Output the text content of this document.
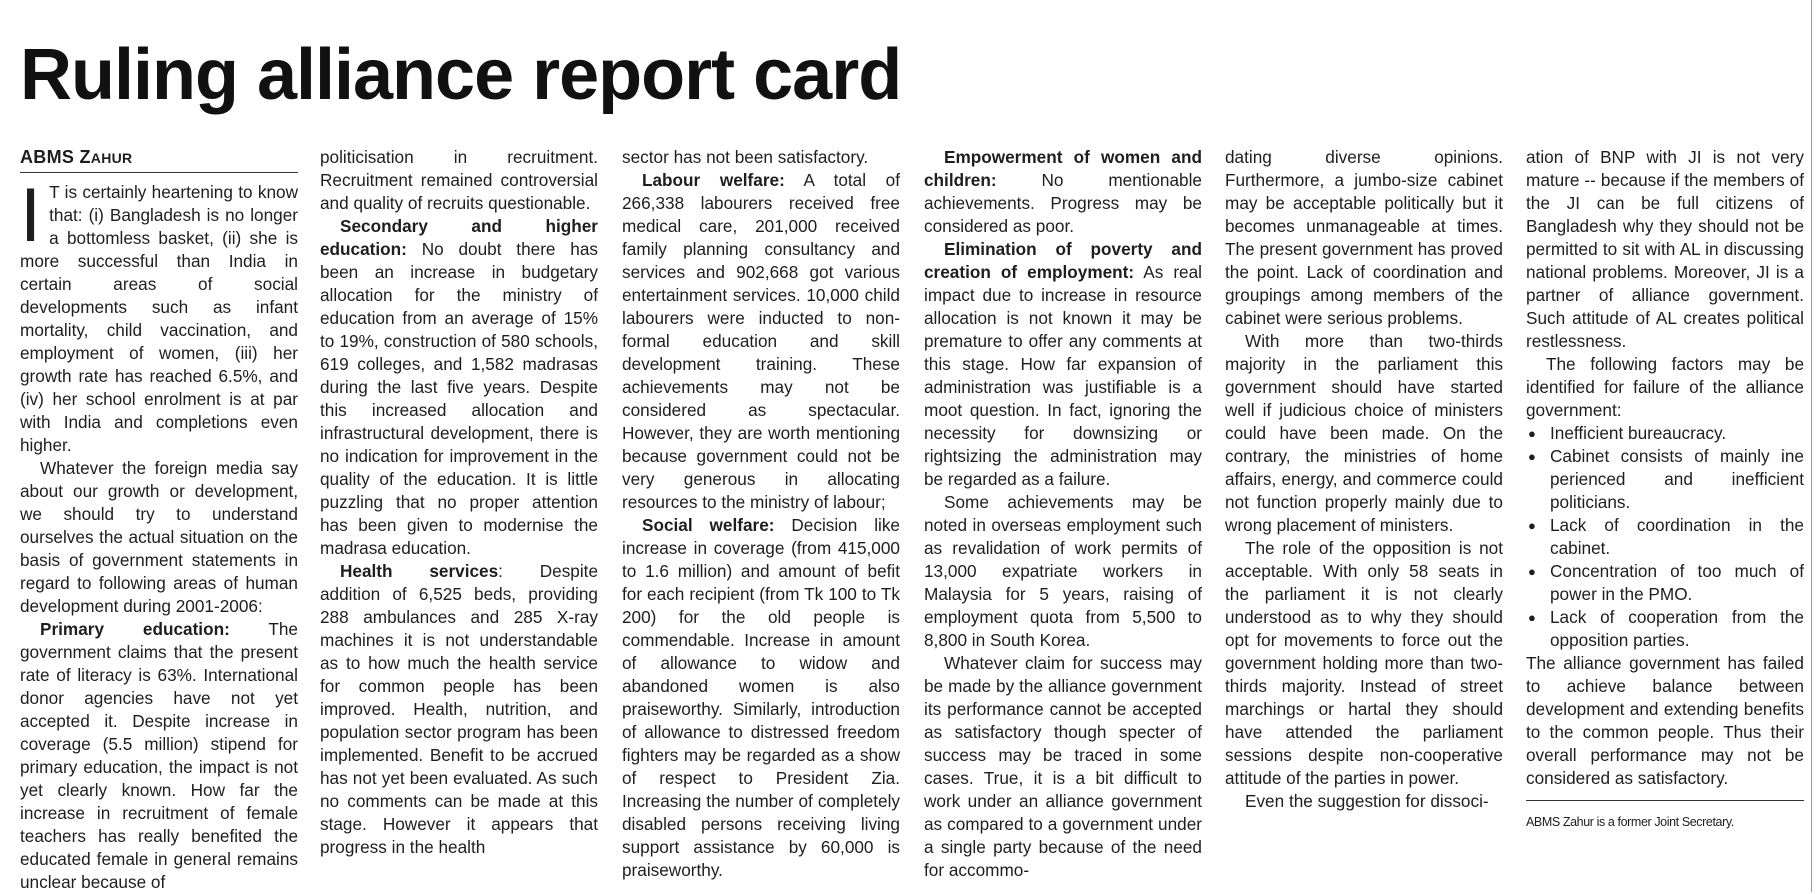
Ruling alliance report card
ABMS ZAHUR

I T is certainly heartening to know that: (i) Bangladesh is no longer a bottomless basket, (ii) she is more successful than India in certain areas of social developments such as infant mortality, child vaccination, and employment of women, (iii) her growth rate has reached 6.5%, and (iv) her school enrolment is at par with India and completions even higher.

Whatever the foreign media say about our growth or development, we should try to understand ourselves the actual situation on the basis of government statements in regard to following areas of human development during 2001-2006:

Primary education: The government claims that the present rate of literacy is 63%. International donor agencies have not yet accepted it. Despite increase in coverage (5.5 million) stipend for primary education, the impact is not yet clearly known. How far the increase in recruitment of female teachers has really benefited the educated female in general remains unclear because of

politicisation in recruitment. Recruitment remained controversial and quality of recruits questionable.

Secondary and higher education: No doubt there has been an increase in budgetary allocation for the ministry of education from an average of 15% to 19%, construction of 580 schools, 619 colleges, and 1,582 madrasas during the last five years. Despite this increased allocation and infrastructural development, there is no indication for improvement in the quality of the education. It is little puzzling that no proper attention has been given to modernise the madrasa education.

Health services: Despite addition of 6,525 beds, providing 288 ambulances and 285 X-ray machines it is not understandable as to how much the health service for common people has been improved. Health, nutrition, and population sector program has been implemented. Benefit to be accrued has not yet been evaluated. As such no comments can be made at this stage. However it appears that progress in the health

sector has not been satisfactory.

Labour welfare: A total of 266,338 labourers received free medical care, 201,000 received family planning consultancy and services and 902,668 got various entertainment services. 10,000 child labourers were inducted to non-formal education and skill development training. These achievements may not be considered as spectacular. However, they are worth mentioning because government could not be very generous in allocating resources to the ministry of labour;

Social welfare: Decision like increase in coverage (from 415,000 to 1.6 million) and amount of befit for each recipient (from Tk 100 to Tk 200) for the old people is commendable. Increase in amount of allowance to widow and abandoned women is also praiseworthy. Similarly, introduction of allowance to distressed freedom fighters may be regarded as a show of respect to President Zia. Increasing the number of completely disabled persons receiving living support assistance by 60,000 is praiseworthy.

Empowerment of women and children: No mentionable achievements. Progress may be considered as poor.

Elimination of poverty and creation of employment: As real impact due to increase in resource allocation is not known it may be premature to offer any comments at this stage. How far expansion of administration was justifiable is a moot question. In fact, ignoring the necessity for downsizing or rightsizing the administration may be regarded as a failure.

Some achievements may be noted in overseas employment such as revalidation of work permits of 13,000 expatriate workers in Malaysia for 5 years, raising of employment quota from 5,500 to 8,800 in South Korea.

Whatever claim for success may be made by the alliance government its performance cannot be accepted as satisfactory though specter of success may be traced in some cases. True, it is a bit difficult to work under an alliance government as compared to a government under a single party because of the need for accommo-

dating diverse opinions. Furthermore, a jumbo-size cabinet may be acceptable politically but it becomes unmanageable at times. The present government has proved the point. Lack of coordination and groupings among members of the cabinet were serious problems.

With more than two-thirds majority in the parliament this government should have started well if judicious choice of ministers could have been made. On the contrary, the ministries of home affairs, energy, and commerce could not function properly mainly due to wrong placement of ministers.

The role of the opposition is not acceptable. With only 58 seats in the parliament it is not clearly understood as to why they should opt for movements to force out the government holding more than two-thirds majority. Instead of street marchings or hartal they should have attended the parliament sessions despite non-cooperative attitude of the parties in power.

Even the suggestion for dissoci-

ation of BNP with JI is not very mature -- because if the members of the JI can be full citizens of Bangladesh why they should not be permitted to sit with AL in discussing national problems. Moreover, JI is a partner of alliance government. Such attitude of AL creates political restlessness.

The following factors may be identified for failure of the alliance government:

● Inefficient bureaucracy.
● Cabinet consists of mainly ine perienced and inefficient politicians.
● Lack of coordination in the cabinet.
● Concentration of too much of power in the PMO.
● Lack of cooperation from the opposition parties.

The alliance government has failed to achieve balance between development and extending benefits to the common people. Thus their overall performance may not be considered as satisfactory.

ABMS Zahur is a former Joint Secretary.
